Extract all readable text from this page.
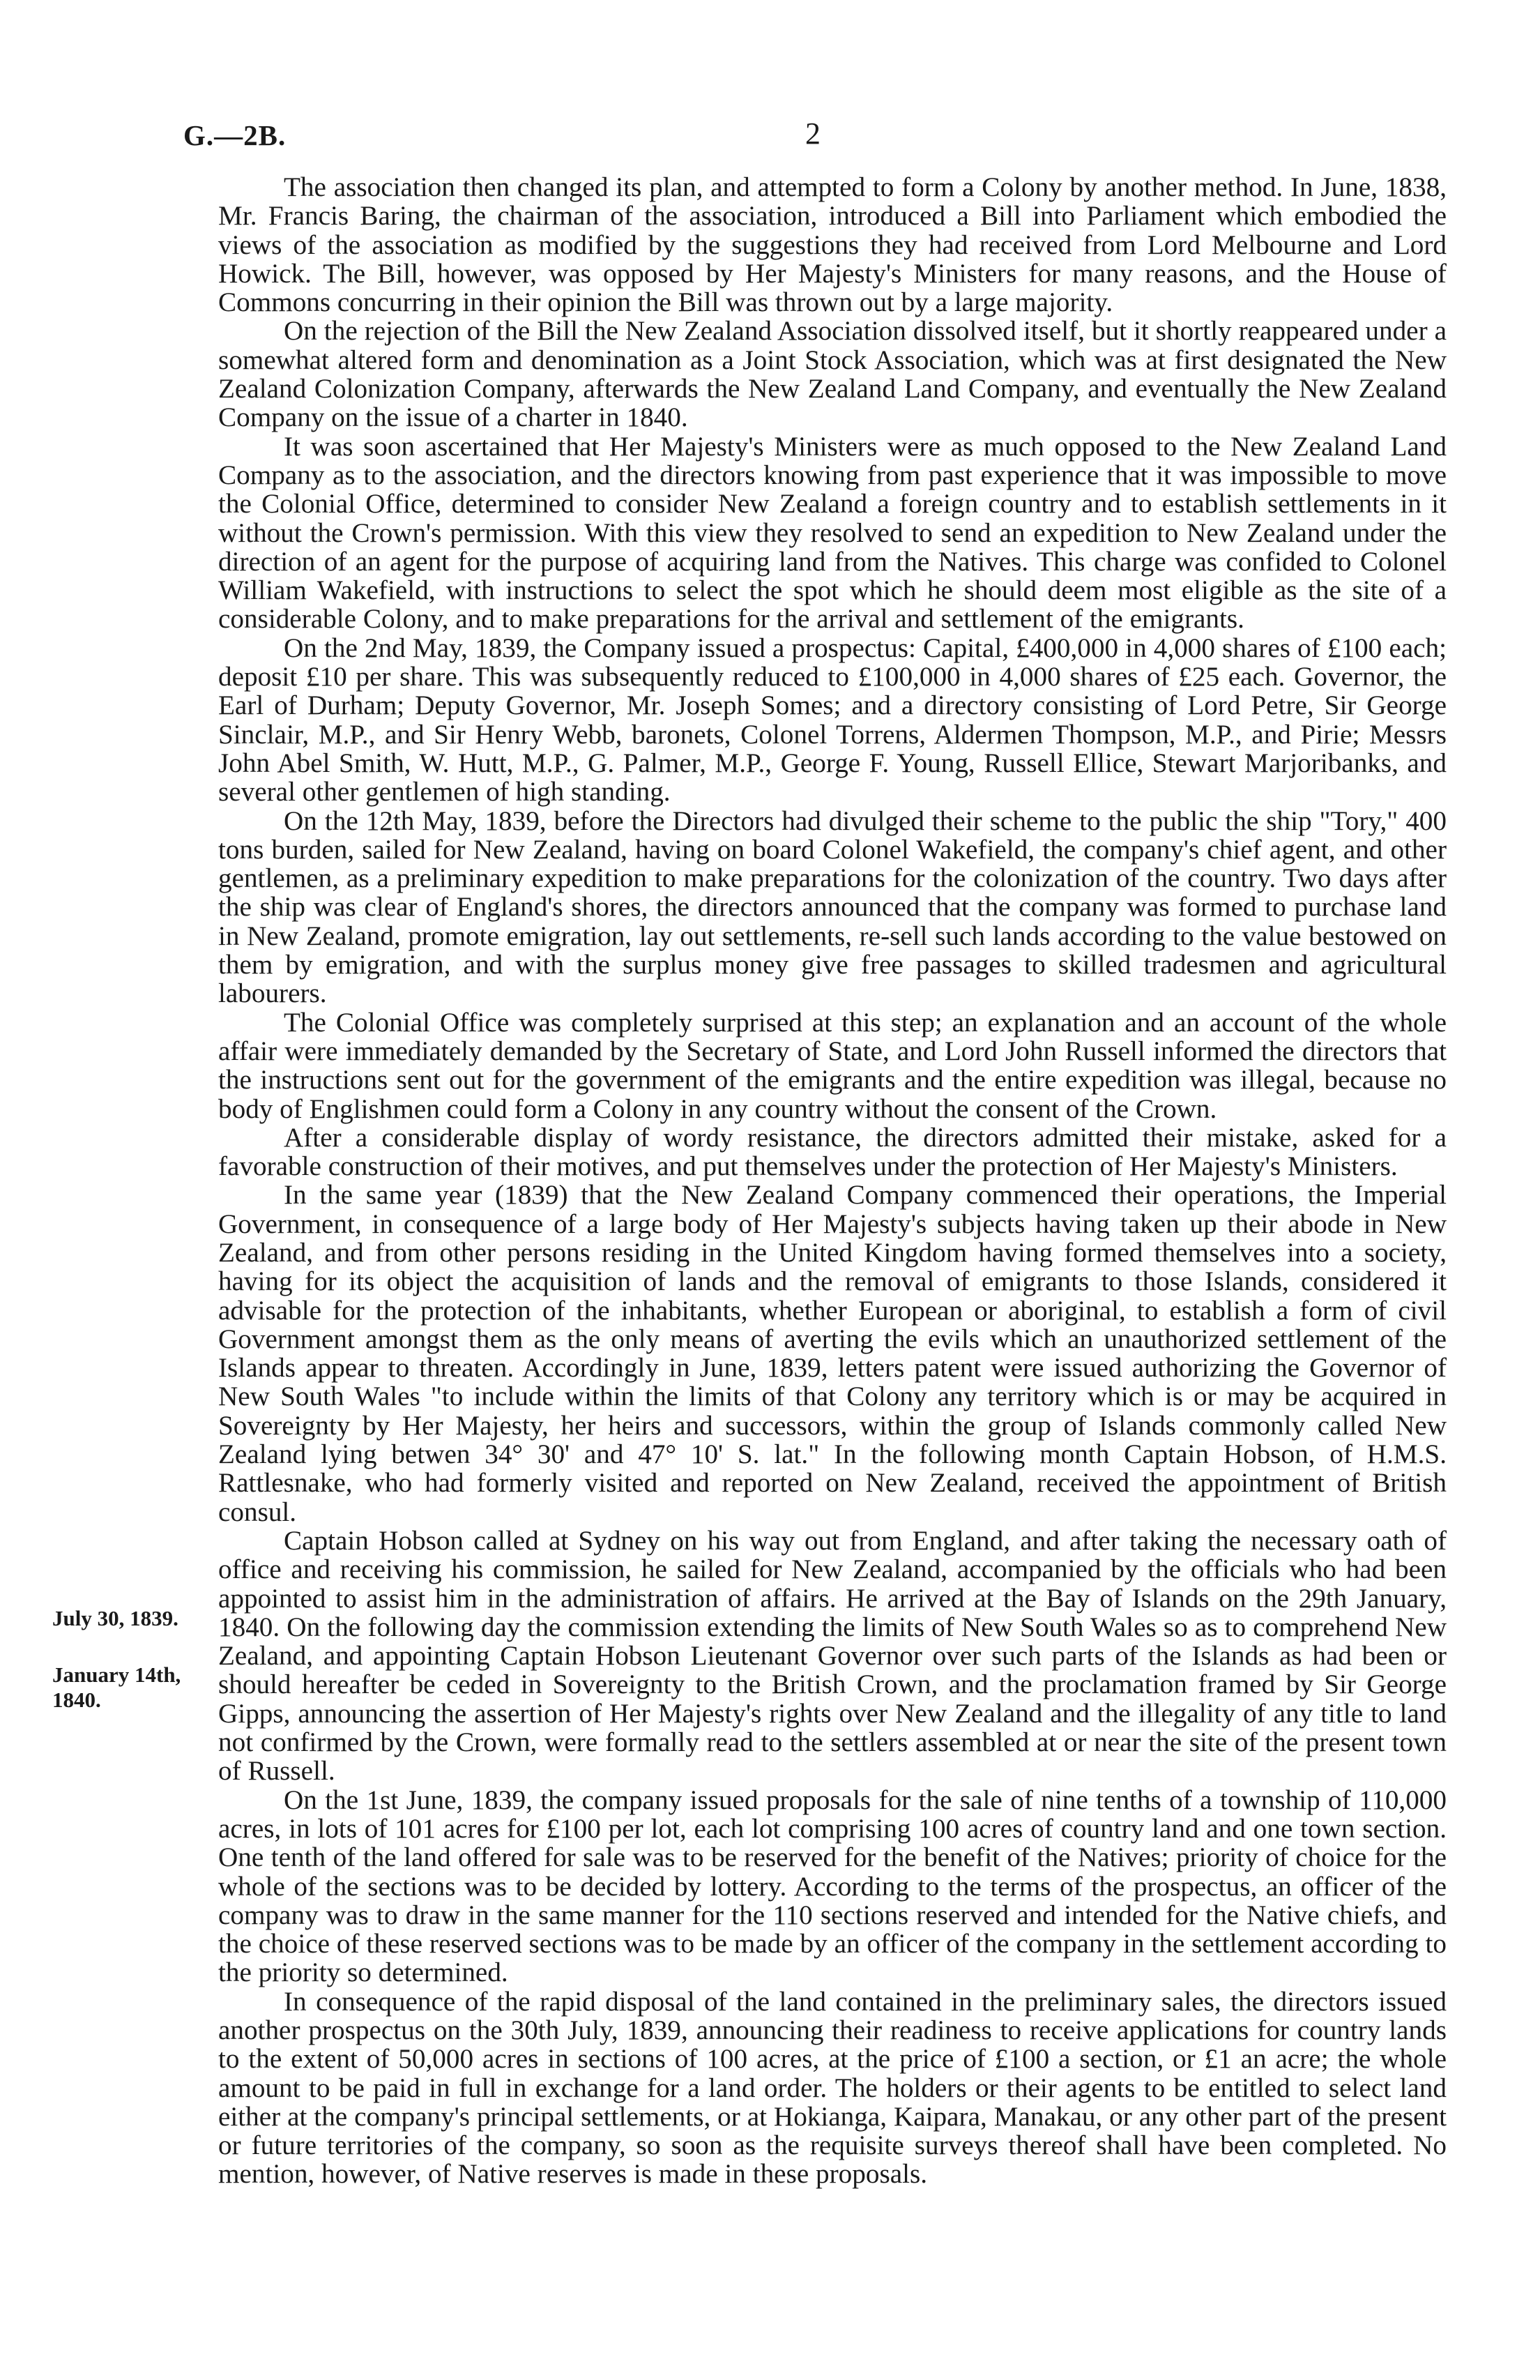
G.—2B.	2
July 30, 1839.
January 14th, 1840.

The association then changed its plan, and attempted to form a Colony by another method. In June, 1838, Mr. Francis Baring, the chairman of the association, introduced a Bill into Parliament which embodied the views of the association as modified by the suggestions they had received from Lord Melbourne and Lord Howick. The Bill, however, was opposed by Her Majesty's Ministers for many reasons, and the House of Commons concurring in their opinion the Bill was thrown out by a large majority.

On the rejection of the Bill the New Zealand Association dissolved itself, but it shortly reappeared under a somewhat altered form and denomination as a Joint Stock Association, which was at first designated the New Zealand Colonization Company, afterwards the New Zealand Land Company, and eventually the New Zealand Company on the issue of a charter in 1840.

It was soon ascertained that Her Majesty's Ministers were as much opposed to the New Zealand Land Company as to the association, and the directors knowing from past experience that it was impossible to move the Colonial Office, determined to consider New Zealand a foreign country and to establish settlements in it without the Crown's permission. With this view they resolved to send an expedition to New Zealand under the direction of an agent for the purpose of acquiring land from the Natives. This charge was confided to Colonel William Wakefield, with instructions to select the spot which he should deem most eligible as the site of a considerable Colony, and to make preparations for the arrival and settlement of the emigrants.

On the 2nd May, 1839, the Company issued a prospectus: Capital, £400,000 in 4,000 shares of £100 each; deposit £10 per share. This was subsequently reduced to £100,000 in 4,000 shares of £25 each. Governor, the Earl of Durham; Deputy Governor, Mr. Joseph Somes; and a directory consisting of Lord Petre, Sir George Sinclair, M.P., and Sir Henry Webb, baronets, Colonel Torrens, Aldermen Thompson, M.P., and Pirie; Messrs John Abel Smith, W. Hutt, M.P., G. Palmer, M.P., George F. Young, Russell Ellice, Stewart Marjoribanks, and several other gentlemen of high standing.

On the 12th May, 1839, before the Directors had divulged their scheme to the public the ship "Tory," 400 tons burden, sailed for New Zealand, having on board Colonel Wakefield, the company's chief agent, and other gentlemen, as a preliminary expedition to make preparations for the colonization of the country. Two days after the ship was clear of England's shores, the directors announced that the company was formed to purchase land in New Zealand, promote emigration, lay out settlements, re-sell such lands according to the value bestowed on them by emigration, and with the surplus money give free passages to skilled tradesmen and agricultural labourers.

The Colonial Office was completely surprised at this step; an explanation and an account of the whole affair were immediately demanded by the Secretary of State, and Lord John Russell informed the directors that the instructions sent out for the government of the emigrants and the entire expedition was illegal, because no body of Englishmen could form a Colony in any country without the consent of the Crown.

After a considerable display of wordy resistance, the directors admitted their mistake, asked for a favorable construction of their motives, and put themselves under the protection of Her Majesty's Ministers.

In the same year (1839) that the New Zealand Company commenced their operations, the Imperial Government, in consequence of a large body of Her Majesty's subjects having taken up their abode in New Zealand, and from other persons residing in the United Kingdom having formed themselves into a society, having for its object the acquisition of lands and the removal of emigrants to those Islands, considered it advisable for the protection of the inhabitants, whether European or aboriginal, to establish a form of civil Government amongst them as the only means of averting the evils which an unauthorized settlement of the Islands appear to threaten. Accordingly in June, 1839, letters patent were issued authorizing the Governor of New South Wales "to include within the limits of that Colony any territory which is or may be acquired in Sovereignty by Her Majesty, her heirs and successors, within the group of Islands commonly called New Zealand lying betwen 34° 30' and 47° 10' S. lat." In the following month Captain Hobson, of H.M.S. Rattlesnake, who had formerly visited and reported on New Zealand, received the appointment of British consul.

Captain Hobson called at Sydney on his way out from England, and after taking the necessary oath of office and receiving his commission, he sailed for New Zealand, accompanied by the officials who had been appointed to assist him in the administration of affairs. He arrived at the Bay of Islands on the 29th January, 1840. On the following day the commission extending the limits of New South Wales so as to comprehend New Zealand, and appointing Captain Hobson Lieutenant Governor over such parts of the Islands as had been or should hereafter be ceded in Sovereignty to the British Crown, and the proclamation framed by Sir George Gipps, announcing the assertion of Her Majesty's rights over New Zealand and the illegality of any title to land not confirmed by the Crown, were formally read to the settlers assembled at or near the site of the present town of Russell.

On the 1st June, 1839, the company issued proposals for the sale of nine tenths of a township of 110,000 acres, in lots of 101 acres for £100 per lot, each lot comprising 100 acres of country land and one town section. One tenth of the land offered for sale was to be reserved for the benefit of the Natives; priority of choice for the whole of the sections was to be decided by lottery. According to the terms of the prospectus, an officer of the company was to draw in the same manner for the 110 sections reserved and intended for the Native chiefs, and the choice of these reserved sections was to be made by an officer of the company in the settlement according to the priority so determined.

In consequence of the rapid disposal of the land contained in the preliminary sales, the directors issued another prospectus on the 30th July, 1839, announcing their readiness to receive applications for country lands to the extent of 50,000 acres in sections of 100 acres, at the price of £100 a section, or £1 an acre; the whole amount to be paid in full in exchange for a land order. The holders or their agents to be entitled to select land either at the company's principal settlements, or at Hokianga, Kaipara, Manakau, or any other part of the present or future territories of the company, so soon as the requisite surveys thereof shall have been completed. No mention, however, of Native reserves is made in these proposals.
